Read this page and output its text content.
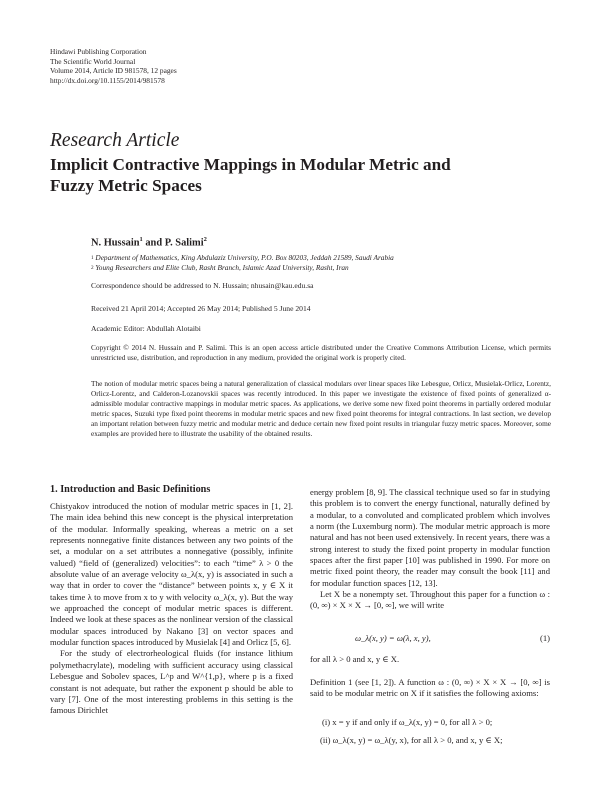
Hindawi Publishing Corporation
The Scientific World Journal
Volume 2014, Article ID 981578, 12 pages
http://dx.doi.org/10.1155/2014/981578
Research Article
Implicit Contractive Mappings in Modular Metric and
Fuzzy Metric Spaces
N. Hussain$^1$ and P. Salimi$^2$
$^1$ Department of Mathematics, King Abdulaziz University, P.O. Box 80203, Jeddah 21589, Saudi Arabia
$^2$ Young Researchers and Elite Club, Rasht Branch, Islamic Azad University, Rasht, Iran
Correspondence should be addressed to N. Hussain; nhusain@kau.edu.sa
Received 21 April 2014; Accepted 26 May 2014; Published 5 June 2014
Academic Editor: Abdullah Alotaibi
Copyright © 2014 N. Hussain and P. Salimi. This is an open access article distributed under the Creative Commons Attribution License, which permits unrestricted use, distribution, and reproduction in any medium, provided the original work is properly cited.
The notion of modular metric spaces being a natural generalization of classical modulars over linear spaces like Lebesgue, Orlicz, Musielak-Orlicz, Lorentz, Orlicz-Lorentz, and Calderon-Lozanovskii spaces was recently introduced. In this paper we investigate the existence of fixed points of generalized α-admissible modular contractive mappings in modular metric spaces. As applications, we derive some new fixed point theorems in partially ordered modular metric spaces, Suzuki type fixed point theorems in modular metric spaces and new fixed point theorems for integral contractions. In last section, we develop an important relation between fuzzy metric and modular metric and deduce certain new fixed point results in triangular fuzzy metric spaces. Moreover, some examples are provided here to illustrate the usability of the obtained results.
1. Introduction and Basic Definitions

Chistyakov introduced the notion of modular metric spaces in [1, 2]. The main idea behind this new concept is the physical interpretation of the modular. Informally speaking, whereas a metric on a set represents nonnegative finite distances between any two points of the set, a modular on a set attributes a nonnegative (possibly, infinite valued) “field of (generalized) velocities”: to each “time” λ > 0 the absolute value of an average velocity ω_λ(x, y) is associated in such a way that in order to cover the “distance” between points x, y ∈ X it takes time λ to move from x to y with velocity ω_λ(x, y). But the way we approached the concept of modular metric spaces is different. Indeed we look at these spaces as the nonlinear version of the classical modular spaces introduced by Nakano [3] on vector spaces and modular function spaces introduced by Musielak [4] and Orlicz [5, 6].

For the study of electrorheological fluids (for instance lithium polymethacrylate), modeling with sufficient accuracy using classical Lebesgue and Sobolev spaces, L^p and W^{1,p}, where p is a fixed constant is not adequate, but rather the exponent p should be able to vary [7]. One of the most interesting problems in this setting is the famous Dirichlet

energy problem [8, 9]. The classical technique used so far in studying this problem is to convert the energy functional, naturally defined by a modular, to a convoluted and complicated problem which involves a norm (the Luxemburg norm). The modular metric approach is more natural and has not been used extensively. In recent years, there was a strong interest to study the fixed point property in modular function spaces after the first paper [10] was published in 1990. For more on metric fixed point theory, the reader may consult the book [11] and for modular function spaces [12, 13].

Let X be a nonempty set. Throughout this paper for a function ω : (0, ∞) × X × X → [0, ∞], we will write

ω_λ(x, y) = ω(λ, x, y),	(1)
for all λ > 0 and x, y ∈ X.
Definition 1 (see [1, 2]). A function ω : (0, ∞) × X × X → [0, ∞] is said to be modular metric on X if it satisfies the following axioms:
(i) x = y if and only if ω_λ(x, y) = 0, for all λ > 0;
(ii) ω_λ(x, y) = ω_λ(y, x), for all λ > 0, and x, y ∈ X;
